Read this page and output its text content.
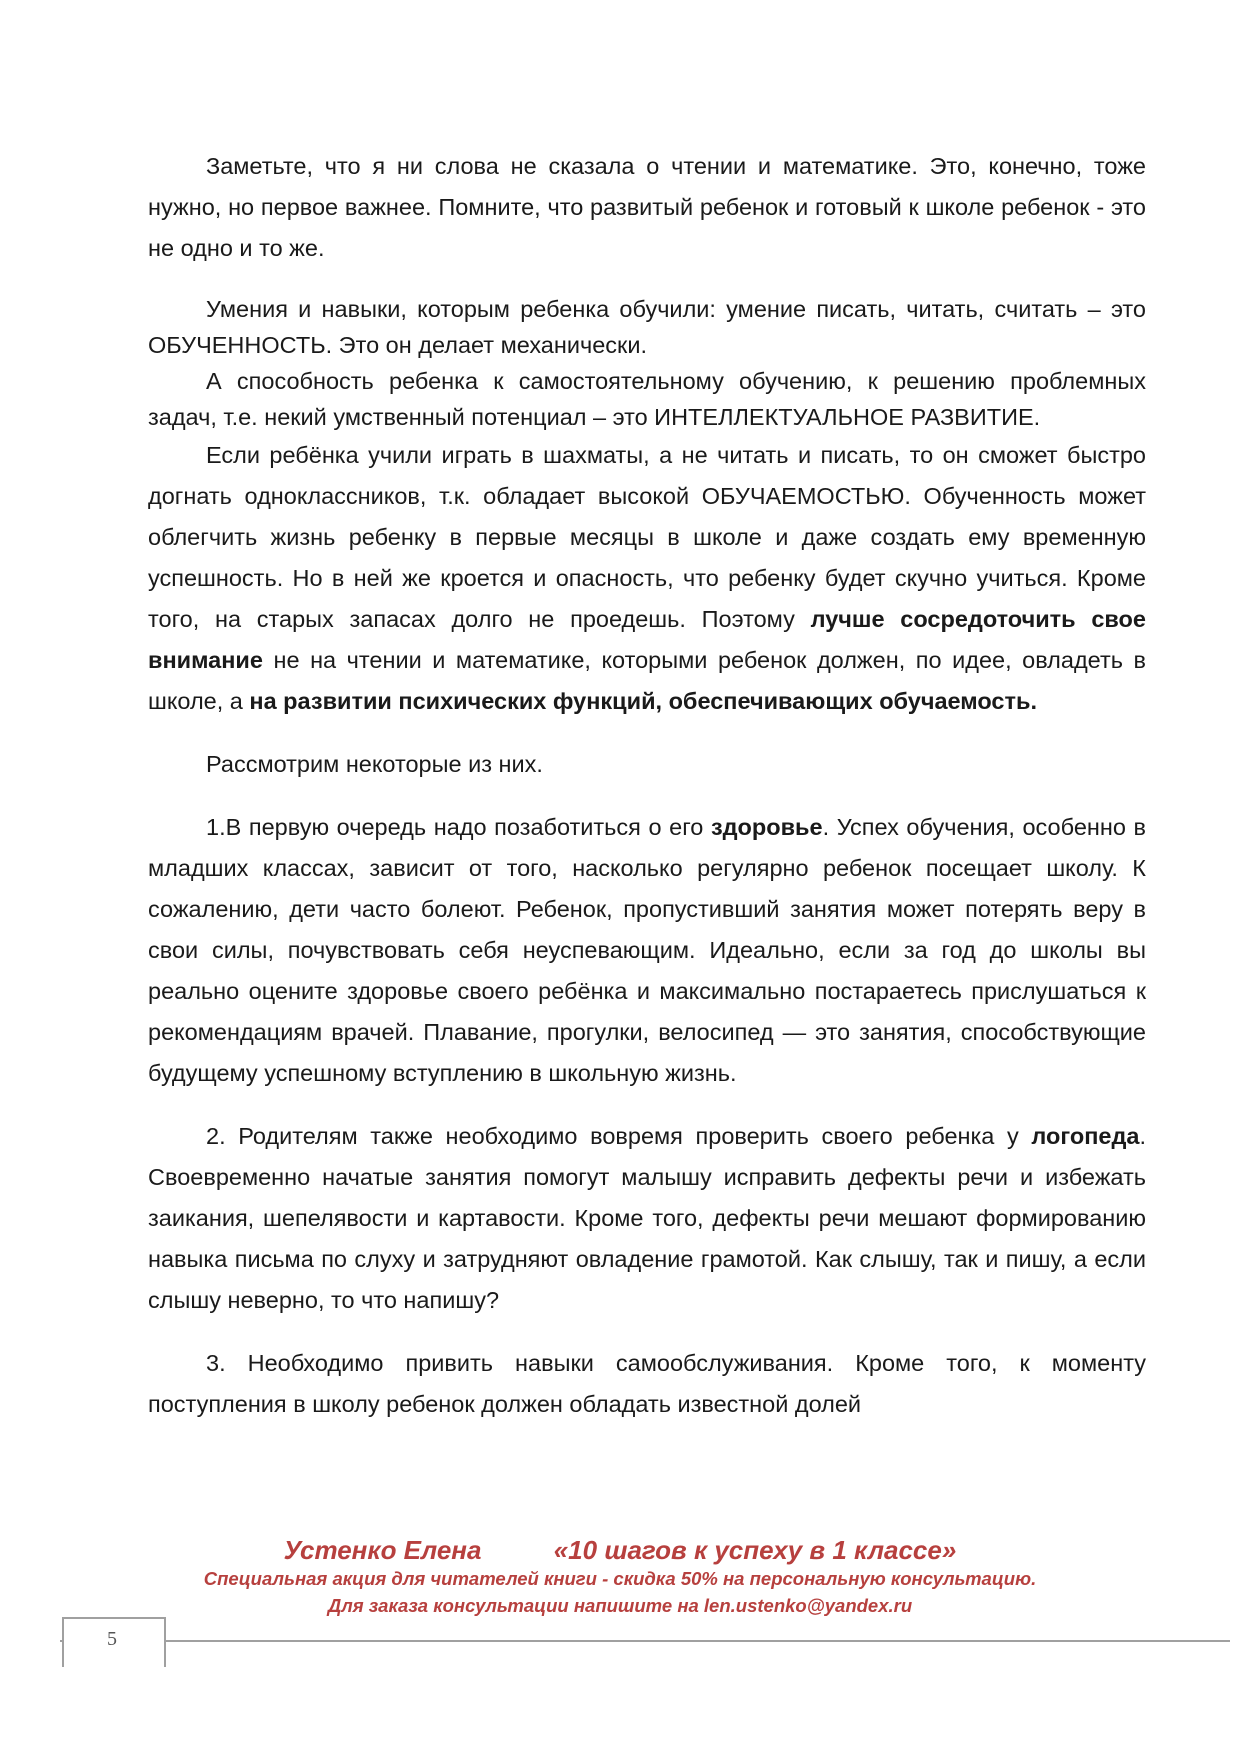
Заметьте, что я ни слова не сказала о чтении и математике. Это, конечно, тоже нужно, но первое важнее. Помните, что развитый ребенок и готовый к школе ребенок - это не одно и то же.

Умения и навыки, которым ребенка обучили: умение писать, читать, считать – это ОБУЧЕННОСТЬ. Это он делает механически.

А способность ребенка к самостоятельному обучению, к решению проблемных задач, т.е. некий умственный потенциал – это ИНТЕЛЛЕКТУАЛЬНОЕ РАЗВИТИЕ.

Если ребёнка учили играть в шахматы, а не читать и писать, то он сможет быстро догнать одноклассников, т.к. обладает высокой ОБУЧАЕМОСТЬЮ. Обученность может облегчить жизнь ребенку в первые месяцы в школе и даже создать ему временную успешность. Но в ней же кроется и опасность, что ребенку будет скучно учиться. Кроме того, на старых запасах долго не проедешь. Поэтому лучше сосредоточить свое внимание не на чтении и математике, которыми ребенок должен, по идее, овладеть в школе, а на развитии психических функций, обеспечивающих обучаемость.

Рассмотрим некоторые из них.

1.В первую очередь надо позаботиться о его здоровье. Успех обучения, особенно в младших классах, зависит от того, насколько регулярно ребенок посещает школу. К сожалению, дети часто болеют. Ребенок, пропустивший занятия может потерять веру в свои силы, почувствовать себя неуспевающим. Идеально, если за год до школы вы реально оцените здоровье своего ребёнка и максимально постараетесь прислушаться к рекомендациям врачей. Плавание, прогулки, велосипед — это занятия, способствующие будущему успешному вступлению в школьную жизнь.

2. Родителям также необходимо вовремя проверить своего ребенка у логопеда. Своевременно начатые занятия помогут малышу исправить дефекты речи и избежать заикания, шепелявости и картавости. Кроме того, дефекты речи мешают формированию навыка письма по слуху и затрудняют овладение грамотой. Как слышу, так и пишу, а если слышу неверно, то что напишу?

3. Необходимо привить навыки самообслуживания. Кроме того, к моменту поступления в школу ребенок должен обладать известной долей

Устенко Елена	«10 шагов к успеху в 1 классе»
Специальная акция для читателей книги - скидка 50% на персональную консультацию.
Для заказа консультации напишите на len.ustenko@yandex.ru
5
